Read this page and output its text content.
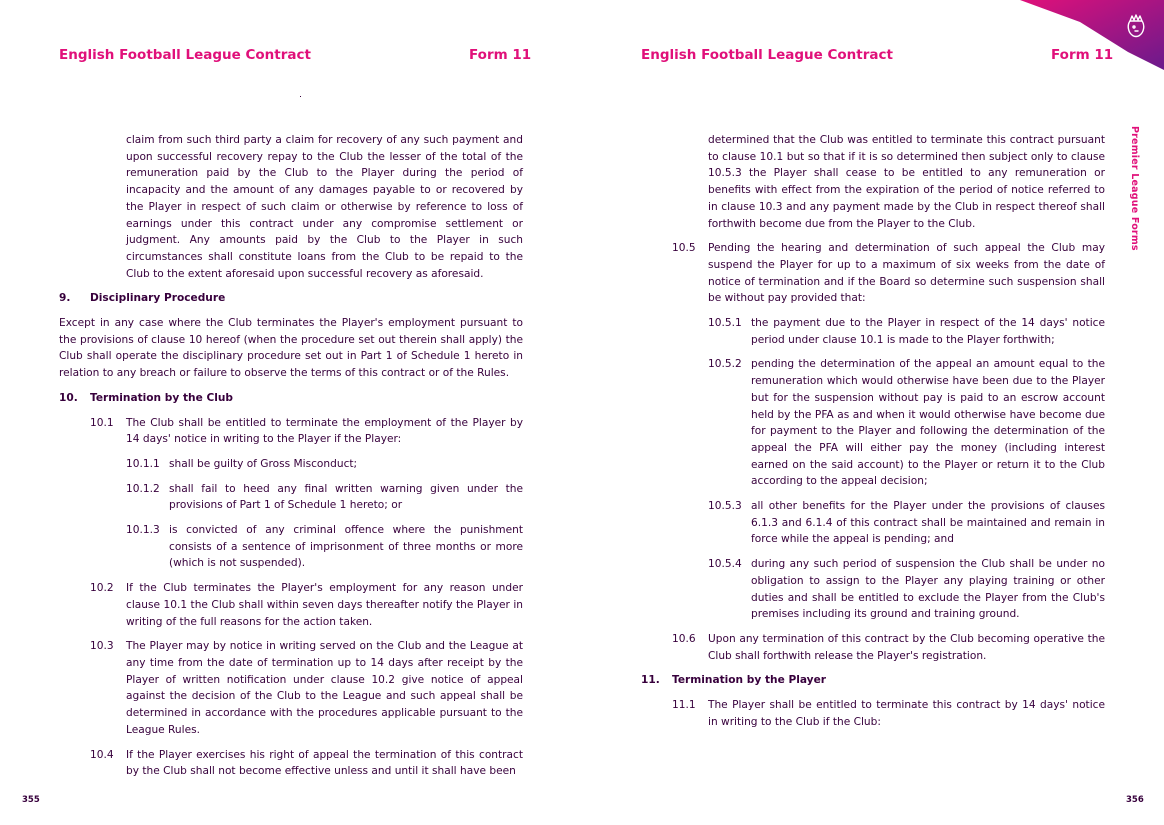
English Football League Contract	Form 11

claim from such third party a claim for recovery of any such payment and upon successful recovery repay to the Club the lesser of the total of the remuneration paid by the Club to the Player during the period of incapacity and the amount of any damages payable to or recovered by the Player in respect of such claim or otherwise by reference to loss of earnings under this contract under any compromise settlement or judgment. Any amounts paid by the Club to the Player in such circumstances shall constitute loans from the Club to be repaid to the Club to the extent aforesaid upon successful recovery as aforesaid.

9. Disciplinary Procedure

Except in any case where the Club terminates the Player's employment pursuant to the provisions of clause 10 hereof (when the procedure set out therein shall apply) the Club shall operate the disciplinary procedure set out in Part 1 of Schedule 1 hereto in relation to any breach or failure to observe the terms of this contract or of the Rules.

10. Termination by the Club
10.1 The Club shall be entitled to terminate the employment of the Player by 14 days' notice in writing to the Player if the Player:

10.1.1 shall be guilty of Gross Misconduct;

10.1.2 shall fail to heed any final written warning given under the provisions of Part 1 of Schedule 1 hereto; or

10.1.3 is convicted of any criminal offence where the punishment consists of a sentence of imprisonment of three months or more (which is not suspended).

10.2 If the Club terminates the Player's employment for any reason under clause 10.1 the Club shall within seven days thereafter notify the Player in writing of the full reasons for the action taken.

10.3 The Player may by notice in writing served on the Club and the League at any time from the date of termination up to 14 days after receipt by the Player of written notification under clause 10.2 give notice of appeal against the decision of the Club to the League and such appeal shall be determined in accordance with the procedures applicable pursuant to the League Rules.

10.4 If the Player exercises his right of appeal the termination of this contract by the Club shall not become effective unless and until it shall have been

355
English Football League Contract	Form 11

determined that the Club was entitled to terminate this contract pursuant to clause 10.1 but so that if it is so determined then subject only to clause 10.5.3 the Player shall cease to be entitled to any remuneration or benefits with effect from the expiration of the period of notice referred to in clause 10.3 and any payment made by the Club in respect thereof shall forthwith become due from the Player to the Club.

10.5 Pending the hearing and determination of such appeal the Club may suspend the Player for up to a maximum of six weeks from the date of notice of termination and if the Board so determine such suspension shall be without pay provided that:

10.5.1 the payment due to the Player in respect of the 14 days' notice period under clause 10.1 is made to the Player forthwith;

10.5.2 pending the determination of the appeal an amount equal to the remuneration which would otherwise have been due to the Player but for the suspension without pay is paid to an escrow account held by the PFA as and when it would otherwise have become due for payment to the Player and following the determination of the appeal the PFA will either pay the money (including interest earned on the said account) to the Player or return it to the Club according to the appeal decision;

10.5.3 all other benefits for the Player under the provisions of clauses 6.1.3 and 6.1.4 of this contract shall be maintained and remain in force while the appeal is pending; and

10.5.4 during any such period of suspension the Club shall be under no obligation to assign to the Player any playing training or other duties and shall be entitled to exclude the Player from the Club's premises including its ground and training ground.

10.6 Upon any termination of this contract by the Club becoming operative the Club shall forthwith release the Player's registration.

11. Termination by the Player
11.1 The Player shall be entitled to terminate this contract by 14 days' notice in writing to the Club if the Club:

356
Premier League Forms
